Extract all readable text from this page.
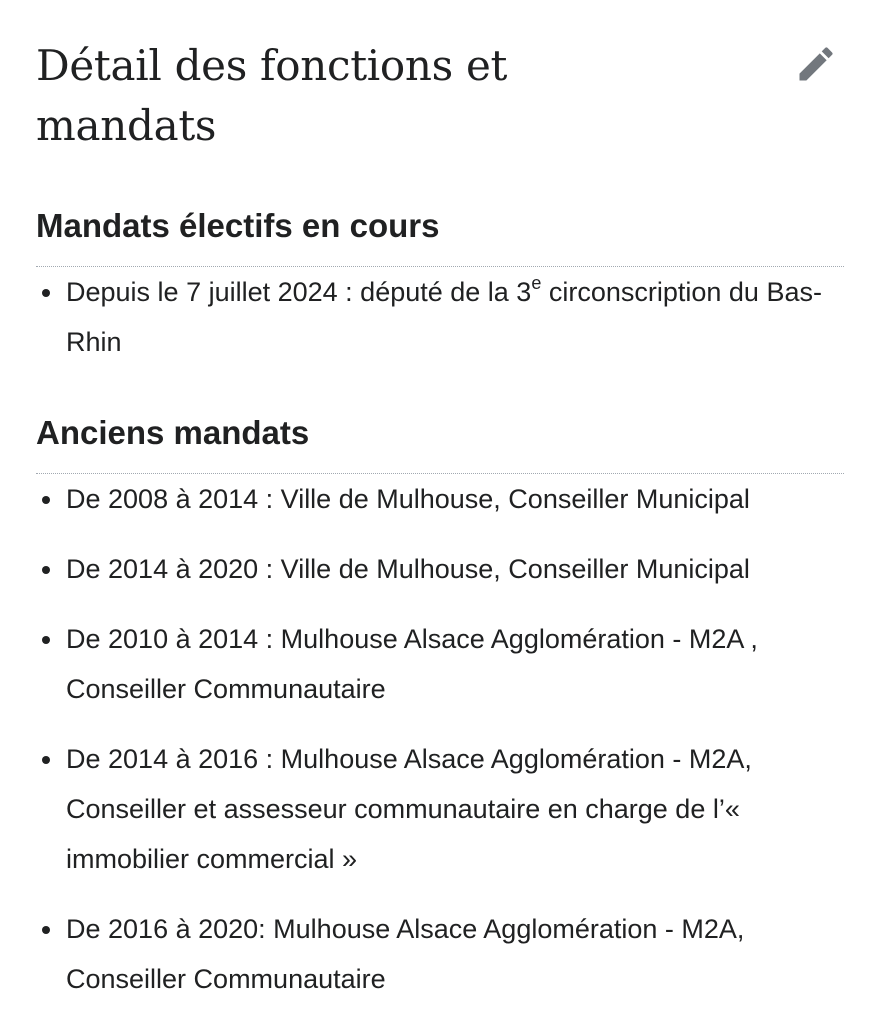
Détail des fonctions et mandats
Mandats électifs en cours
Depuis le 7 juillet 2024 : député de la 3e circonscription du Bas-Rhin
Anciens mandats
De 2008 à 2014 : Ville de Mulhouse, Conseiller Municipal
De 2014 à 2020 : Ville de Mulhouse, Conseiller Municipal
De 2010 à 2014 : Mulhouse Alsace Agglomération - M2A , Conseiller Communautaire
De 2014 à 2016 : Mulhouse Alsace Agglomération - M2A, Conseiller et assesseur communautaire en charge de l’« immobilier commercial »
De 2016 à 2020: Mulhouse Alsace Agglomération - M2A, Conseiller Communautaire
